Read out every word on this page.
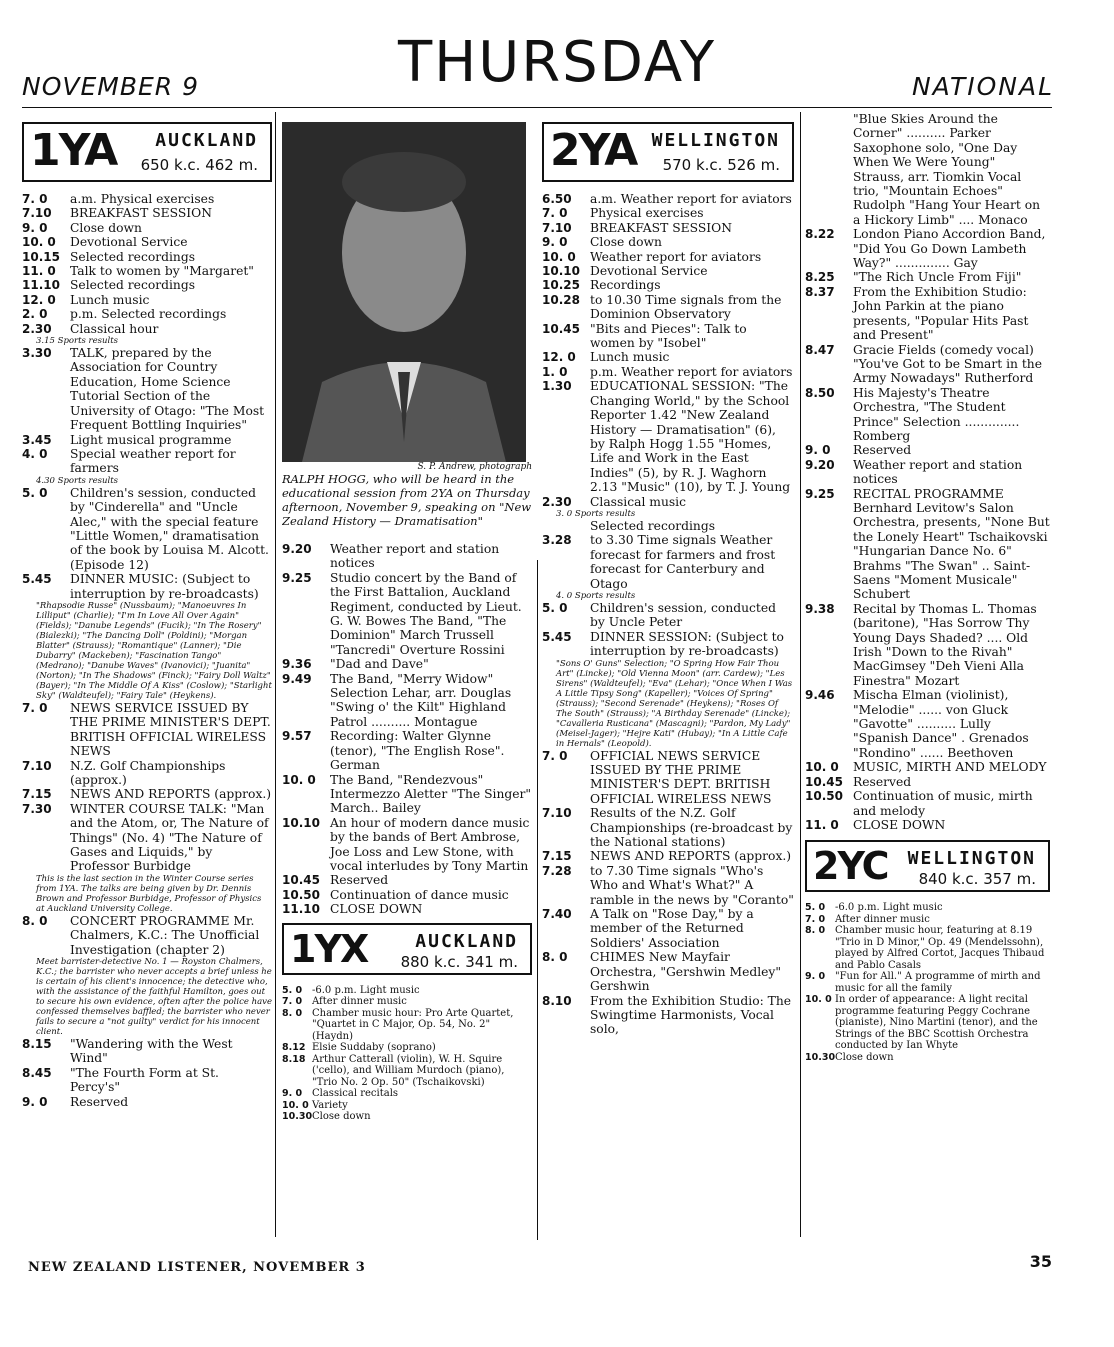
NOVEMBER 9	THURSDAY	NATIONAL
1YA AUCKLAND
650 k.c. 462 m.
7. 0	a.m. Physical exercises
7.10	BREAKFAST SESSION
9. 0	Close down
10. 0	Devotional Service
10.15 Selected recordings
11. 0	Talk to women by "Margaret"
11.10 Selected recordings
12. 0	Lunch music
2. 0	p.m. Selected recordings
2.30	Classical hour
3.15 Sports results
3.30	TALK, prepared by the Association for Country Education, Home Science Tutorial Section of the University of Otago: "The Most Frequent Bottling Inquiries"
3.45	Light musical programme
4. 0	Special weather report for farmers
4.30 Sports results
5. 0	Children's session, conducted by "Cinderella" and "Uncle Alec," with the special feature "Little Women," dramatisation of the book by Louisa M. Alcott. (Episode 12)
5.45	DINNER MUSIC: (Subject to interruption by re-broadcasts)
"Rhapsodie Russe" (Nussbaum); "Manoeuvres In Lilliput" (Charlie); "I'm In Love All Over Again" (Fields); "Danube Legends" (Fucik); "In The Rosery" (Bialezki); "The Dancing Doll" (Poldini); "Morgan Blatter" (Strauss); "Romantique" (Lanner); "Die Dubarry" (Mackeben); "Fascination Tango" (Medrano); "Danube Waves" (Ivanovici); "Juanita" (Norton); "In The Shadows" (Finck); "Fairy Doll Waltz" (Bayer); "In The Middle Of A Kiss" (Coslow); "Starlight Sky" (Waldteufel); "Fairy Tale" (Heykens).
7. 0	NEWS SERVICE ISSUED BY THE PRIME MINISTER'S DEPT. BRITISH OFFICIAL WIRELESS NEWS
7.10	N.Z. Golf Championships (approx.)
7.15	NEWS AND REPORTS (approx.)
7.30	WINTER COURSE TALK: "Man and the Atom, or, The Nature of Things" (No. 4) "The Nature of Gases and Liquids," by Professor Burbidge
This is the last section in the Winter Course series from 1YA. The talks are being given by Dr. Dennis Brown and Professor Burbidge, Professor of Physics at Auckland University College.
8. 0	CONCERT PROGRAMME Mr. Chalmers, K.C.: The Unofficial Investigation (chapter 2)
Meet barrister-detective No. 1 — Royston Chalmers, K.C.; the barrister who never accepts a brief unless he is certain of his client's innocence; the detective who, with the assistance of the faithful Hamilton, goes out to secure his own evidence, often after the police have confessed themselves baffled; the barrister who never fails to secure a "not guilty" verdict for his innocent client.
8.15	"Wandering with the West Wind"
8.45	"The Fourth Form at St. Percy's"
9. 0	Reserved
S. P. Andrew, photograph
RALPH HOGG, who will be heard in the educational session from 2YA on Thursday afternoon, November 9, speaking on "New Zealand History — Dramatisation"
9.20	Weather report and station notices
9.25	Studio concert by the Band of the First Battalion, Auckland Regiment, conducted by Lieut. G. W. Bowes The Band, "The Dominion" March Trussell "Tancredi" Overture Rossini
9.36	"Dad and Dave"
9.49	The Band, "Merry Widow" Selection Lehar, arr. Douglas "Swing o' the Kilt" Highland Patrol .......... Montague
9.57	Recording: Walter Glynne (tenor), "The English Rose". German
10. 0	The Band, "Rendezvous" Intermezzo Aletter "The Singer" March.. Bailey
10.10 An hour of modern dance music by the bands of Bert Ambrose, Joe Loss and Lew Stone, with vocal interludes by Tony Martin
10.45 Reserved
10.50 Continuation of dance music
11.10 CLOSE DOWN
1YX	AUCKLAND
880 k.c. 341 m.
5. 0 -6.0 p.m. Light music
7. 0 After dinner music
8. 0 Chamber music hour: Pro Arte Quartet, "Quartet in C Major, Op. 54, No. 2" (Haydn)
8.12 Elsie Suddaby (soprano)
8.18 Arthur Catterall (violin), W. H. Squire ('cello), and William Murdoch (piano), "Trio No. 2 Op. 50" (Tschaikovski)
9. 0 Classical recitals
10. 0 Variety
10.30 Close down
2YA WELLINGTON
570 k.c. 526 m.
6.50	a.m. Weather report for aviators
7. 0	Physical exercises
7.10	BREAKFAST SESSION
9. 0	Close down
10. 0	Weather report for aviators
10.10 Devotional Service
10.25 Recordings
10.28 to 10.30 Time signals from the Dominion Observatory
10.45 "Bits and Pieces": Talk to women by "Isobel"
12. 0	Lunch music
1. 0	p.m. Weather report for aviators
1.30	EDUCATIONAL SESSION: "The Changing World," by the School Reporter 1.42 "New Zealand History — Dramatisation" (6), by Ralph Hogg 1.55 "Homes, Life and Work in the East Indies" (5), by R. J. Waghorn 2.13 "Music" (10), by T. J. Young
2.30	Classical music
3. 0 Sports results
Selected recordings
3.28	to 3.30 Time signals Weather forecast for farmers and frost forecast for Canterbury and Otago
4. 0 Sports results
5. 0	Children's session, conducted by Uncle Peter
5.45	DINNER SESSION: (Subject to interruption by re-broadcasts)
"Sons O' Guns" Selection; "O Spring How Fair Thou Art" (Lincke); "Old Vienna Moon" (arr. Cardew); "Les Sirens" (Waldteufel); "Eva" (Lehar); "Once When I Was A Little Tipsy Song" (Kapeller); "Voices Of Spring" (Strauss); "Second Serenade" (Heykens); "Roses Of The South" (Strauss); "A Birthday Serenade" (Lincke); "Cavalleria Rusticana" (Mascagni); "Pardon, My Lady" (Meisel-Jager); "Hejre Kati" (Hubay); "In A Little Cafe in Hernals" (Leopold).
7. 0	OFFICIAL NEWS SERVICE ISSUED BY THE PRIME MINISTER'S DEPT. BRITISH OFFICIAL WIRELESS NEWS
7.10	Results of the N.Z. Golf Championships (re-broadcast by the National stations)
7.15	NEWS AND REPORTS (approx.)
7.28	to 7.30 Time signals "Who's Who and What's What?" A ramble in the news by "Coranto"
7.40	A Talk on "Rose Day," by a member of the Returned Soldiers' Association
8. 0	CHIMES New Mayfair Orchestra, "Gershwin Medley" Gershwin
8.10	From the Exhibition Studio: The Swingtime Harmonists, Vocal solo,
"Blue Skies Around the Corner" .......... Parker Saxophone solo, "One Day When We Were Young" Strauss, arr. Tiomkin Vocal trio, "Mountain Echoes" Rudolph "Hang Your Heart on a Hickory Limb" .... Monaco
8.22	London Piano Accordion Band, "Did You Go Down Lambeth Way?" .............. Gay
8.25	"The Rich Uncle From Fiji"
8.37	From the Exhibition Studio: John Parkin at the piano presents, "Popular Hits Past and Present"
8.47	Gracie Fields (comedy vocal) "You've Got to be Smart in the Army Nowadays" Rutherford
8.50	His Majesty's Theatre Orchestra, "The Student Prince" Selection .............. Romberg
9. 0	Reserved
9.20	Weather report and station notices
9.25	RECITAL PROGRAMME Bernhard Levitow's Salon Orchestra, presents, "None But the Lonely Heart" Tschaikovski "Hungarian Dance No. 6" Brahms "The Swan" .. Saint-Saens "Moment Musicale" Schubert
9.38	Recital by Thomas L. Thomas (baritone), "Has Sorrow Thy Young Days Shaded? .... Old Irish "Down to the Rivah" MacGimsey "Deh Vieni Alla Finestra" Mozart
9.46	Mischa Elman (violinist), "Melodie" ...... von Gluck "Gavotte" .......... Lully "Spanish Dance" . Grenados "Rondino" ...... Beethoven
10. 0	MUSIC, MIRTH AND MELODY
10.45 Reserved
10.50 Continuation of music, mirth and melody
11. 0	CLOSE DOWN
2YC WELLINGTON
840 k.c. 357 m.
5. 0 -6.0 p.m. Light music
7. 0 After dinner music
8. 0 Chamber music hour, featuring at 8.19 "Trio in D Minor," Op. 49 (Mendelssohn), played by Alfred Cortot, Jacques Thibaud and Pablo Casals
9. 0 "Fun for All." A programme of mirth and music for all the family
10. 0 In order of appearance: A light recital programme featuring Peggy Cochrane (pianiste), Nino Martini (tenor), and the Strings of the BBC Scottish Orchestra conducted by Ian Whyte
10.30 Close down
NEW ZEALAND LISTENER, NOVEMBER 3	35
